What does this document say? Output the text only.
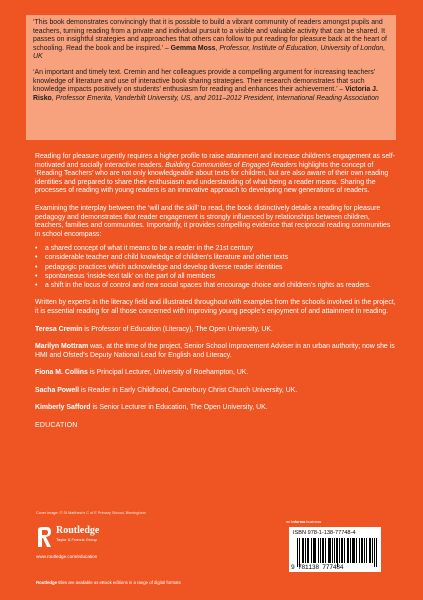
‘This book demonstrates convincingly that it is possible to build a vibrant community of readers amongst pupils and teachers, turning reading from a private and individual pursuit to a visible and valuable activity that can be shared. It passes on insightful strategies and approaches that others can follow to put reading for pleasure back at the heart of schooling. Read the book and be inspired.’ – Gemma Moss, Professor, Institute of Education, University of London, UK

‘An important and timely text. Cremin and her colleagues provide a compelling argument for increasing teachers’ knowledge of literature and use of interactive book sharing strategies. Their research demonstrates that such knowledge impacts positively on students’ enthusiasm for reading and enhances their achievement.’ – Victoria J. Risko, Professor Emerita, Vanderbilt University, US, and 2011–2012 President, International Reading Association

Reading for pleasure urgently requires a higher profile to raise attainment and increase children’s engagement as self-motivated and socially interactive readers. Building Communities of Engaged Readers highlights the concept of ‘Reading Teachers’ who are not only knowledgeable about texts for children, but are also aware of their own reading identities and prepared to share their enthusiasm and understanding of what being a reader means. Sharing the processes of reading with young readers is an innovative approach to developing new generations of readers.

Examining the interplay between the ‘will and the skill’ to read, the book distinctively details a reading for pleasure pedagogy and demonstrates that reader engagement is strongly influenced by relationships between children, teachers, families and communities. Importantly, it provides compelling evidence that reciprocal reading communities in school encompass:

• a shared concept of what it means to be a reader in the 21st century
• considerable teacher and child knowledge of children’s literature and other texts
• pedagogic practices which acknowledge and develop diverse reader identities
• spontaneous ‘inside-text talk’ on the part of all members
• a shift in the locus of control and new social spaces that encourage choice and children’s rights as readers.

Written by experts in the literacy field and illustrated throughout with examples from the schools involved in the project, it is essential reading for all those concerned with improving young people’s enjoyment of and attainment in reading.

Teresa Cremin is Professor of Education (Literacy), The Open University, UK.

Marilyn Mottram was, at the time of the project, Senior School Improvement Adviser in an urban authority; now she is HMI and Ofsted’s Deputy National Lead for English and Literacy.

Fiona M. Collins is Principal Lecturer, University of Roehampton, UK.

Sacha Powell is Reader in Early Childhood, Canterbury Christ Church University, UK.

Kimberly Safford is Senior Lecturer in Education, The Open University, UK.

EDUCATION
Cover image: © St Matthew’s C of E Primary School, Birmingham
Routledge
Taylor & Francis Group
www.routledge.com/education
an informa business
ISBN 978-1-138-77748-4
9 781138 777484
Routledge titles are available as eBook editions in a range of digital formats
